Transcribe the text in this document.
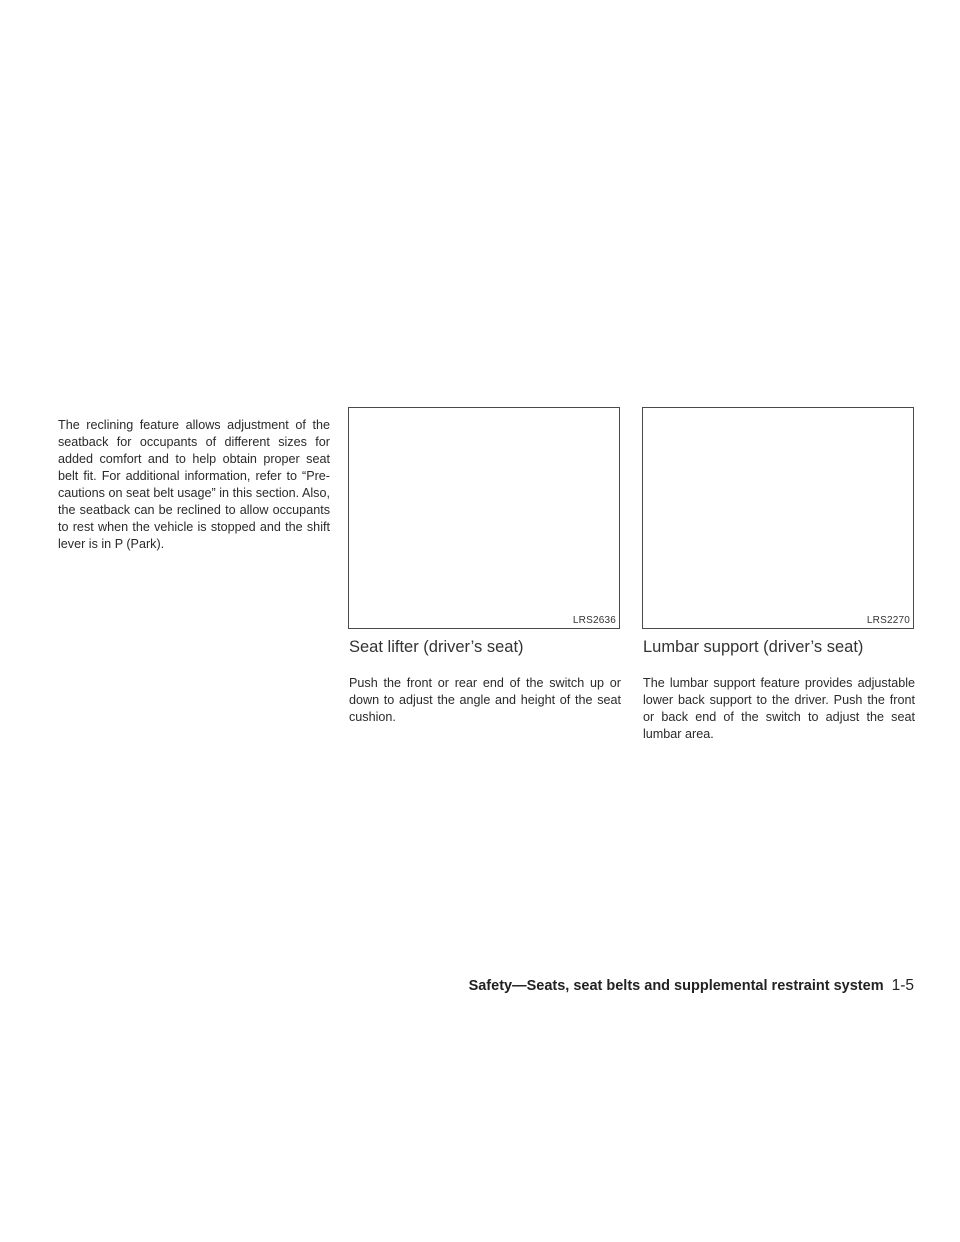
The reclining feature allows adjustment of the seatback for occupants of different sizes for added comfort and to help obtain proper seat belt fit. For additional information, refer to “Pre-cautions on seat belt usage” in this section. Also, the seatback can be reclined to allow occupants to rest when the vehicle is stopped and the shift lever is in P (Park).

LRS2636	LRS2270
Seat lifter (driver’s seat)	Lumbar support (driver’s seat)

Push the front or rear end of the switch up or down to adjust the angle and height of the seat cushion.

The lumbar support feature provides adjustable lower back support to the driver. Push the front or back end of the switch to adjust the seat lumbar area.

Safety—Seats, seat belts and supplemental restraint system 1-5
